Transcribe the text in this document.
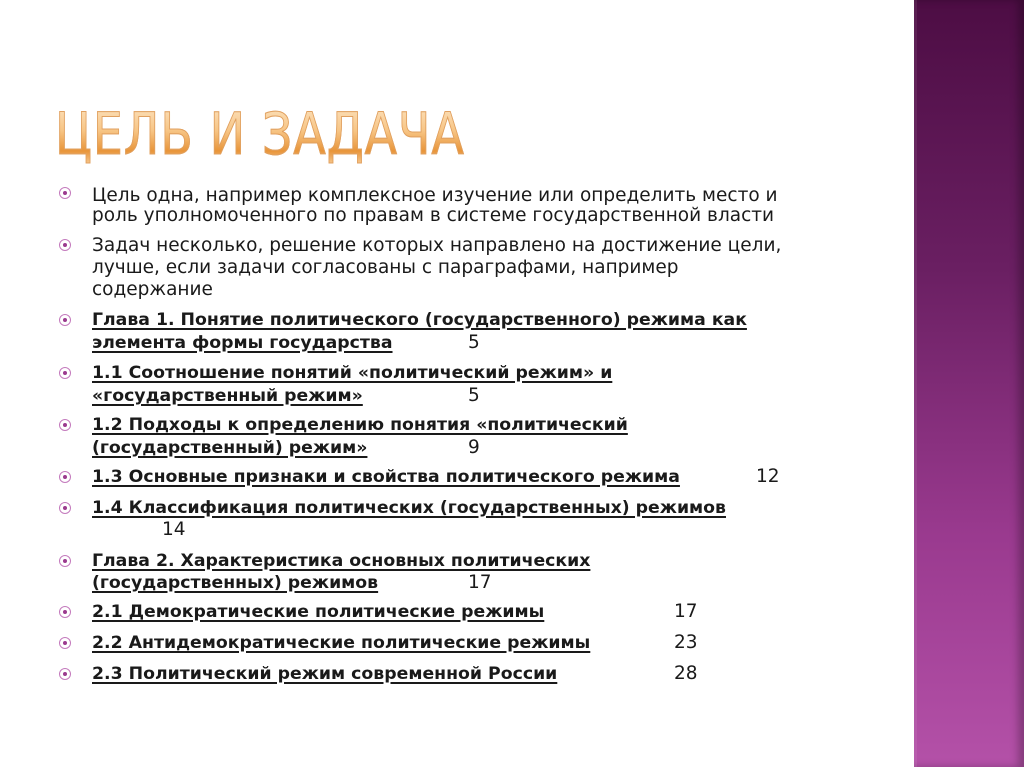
ЦЕЛЬ И ЗАДАЧА
Цель одна, например комплексное изучение или определить место и
роль уполномоченного по правам в системе государственной власти
Задач несколько, решение которых направлено на достижение цели,
лучше, если задачи согласованы с параграфами, например
содержание
Глава 1. Понятие политического (государственного) режима как
элемента формы государства	5
1.1 Соотношение понятий «политический режим» и
«государственный режим»	5
1.2 Подходы к определению понятия «политический
(государственный) режим»	9
1.3 Основные признаки и свойства политического режима	12
1.4 Классификация политических (государственных) режимов
14
Глава 2. Характеристика основных политических
(государственных) режимов	17
2.1 Демократические политические режимы	17
2.2 Антидемократические политические режимы	23
2.3 Политический режим современной России	28
